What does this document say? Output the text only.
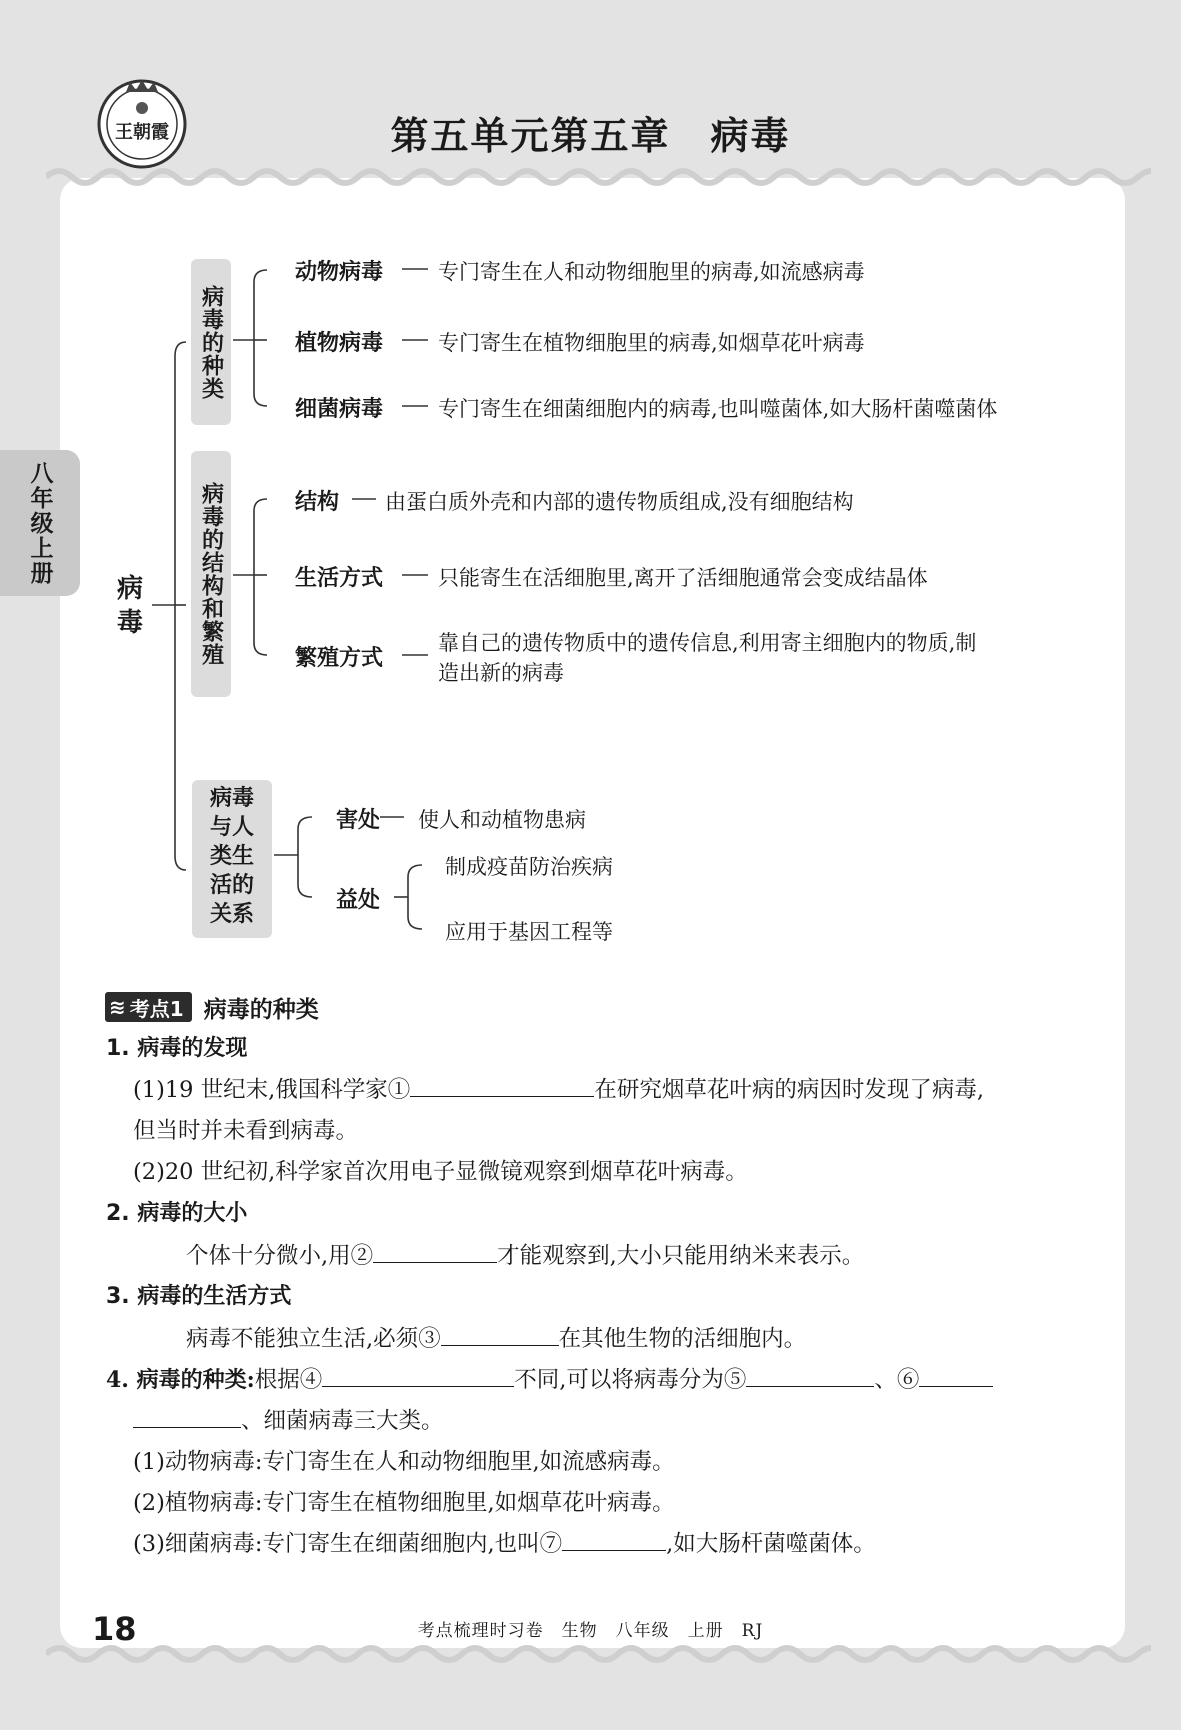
王朝霞	第五单元第五章　病毒
八年级上册
病毒
病毒的种类
病毒的结构和繁殖
病毒
与人
类生
活的
关系
动物病毒	专门寄生在人和动物细胞里的病毒,如流感病毒
植物病毒	专门寄生在植物细胞里的病毒,如烟草花叶病毒
细菌病毒	专门寄生在细菌细胞内的病毒,也叫噬菌体,如大肠杆菌噬菌体
结构 由蛋白质外壳和内部的遗传物质组成,没有细胞结构
生活方式	只能寄生在活细胞里,离开了活细胞通常会变成结晶体
繁殖方式
靠自己的遗传物质中的遗传信息,利用寄主细胞内的物质,制
造出新的病毒
害处 使人和动植物患病
益处
制成疫苗防治疾病
应用于基因工程等
≋ 考点1 病毒的种类
1. 病毒的发现
(1)19 世纪末,俄国科学家①	在研究烟草花叶病的病因时发现了病毒,
但当时并未看到病毒。
(2)20 世纪初,科学家首次用电子显微镜观察到烟草花叶病毒。
2. 病毒的大小
个体十分微小,用②	才能观察到,大小只能用纳米来表示。
3. 病毒的生活方式
病毒不能独立生活,必须③	在其他生物的活细胞内。
4. 病毒的种类:根据④	不同,可以将病毒分为⑤	、⑥
、细菌病毒三大类。
(1)动物病毒:专门寄生在人和动物细胞里,如流感病毒。
(2)植物病毒:专门寄生在植物细胞里,如烟草花叶病毒。
(3)细菌病毒:专门寄生在细菌细胞内,也叫⑦	,如大肠杆菌噬菌体。
18	考点梳理时习卷　生物　八年级　上册　RJ
